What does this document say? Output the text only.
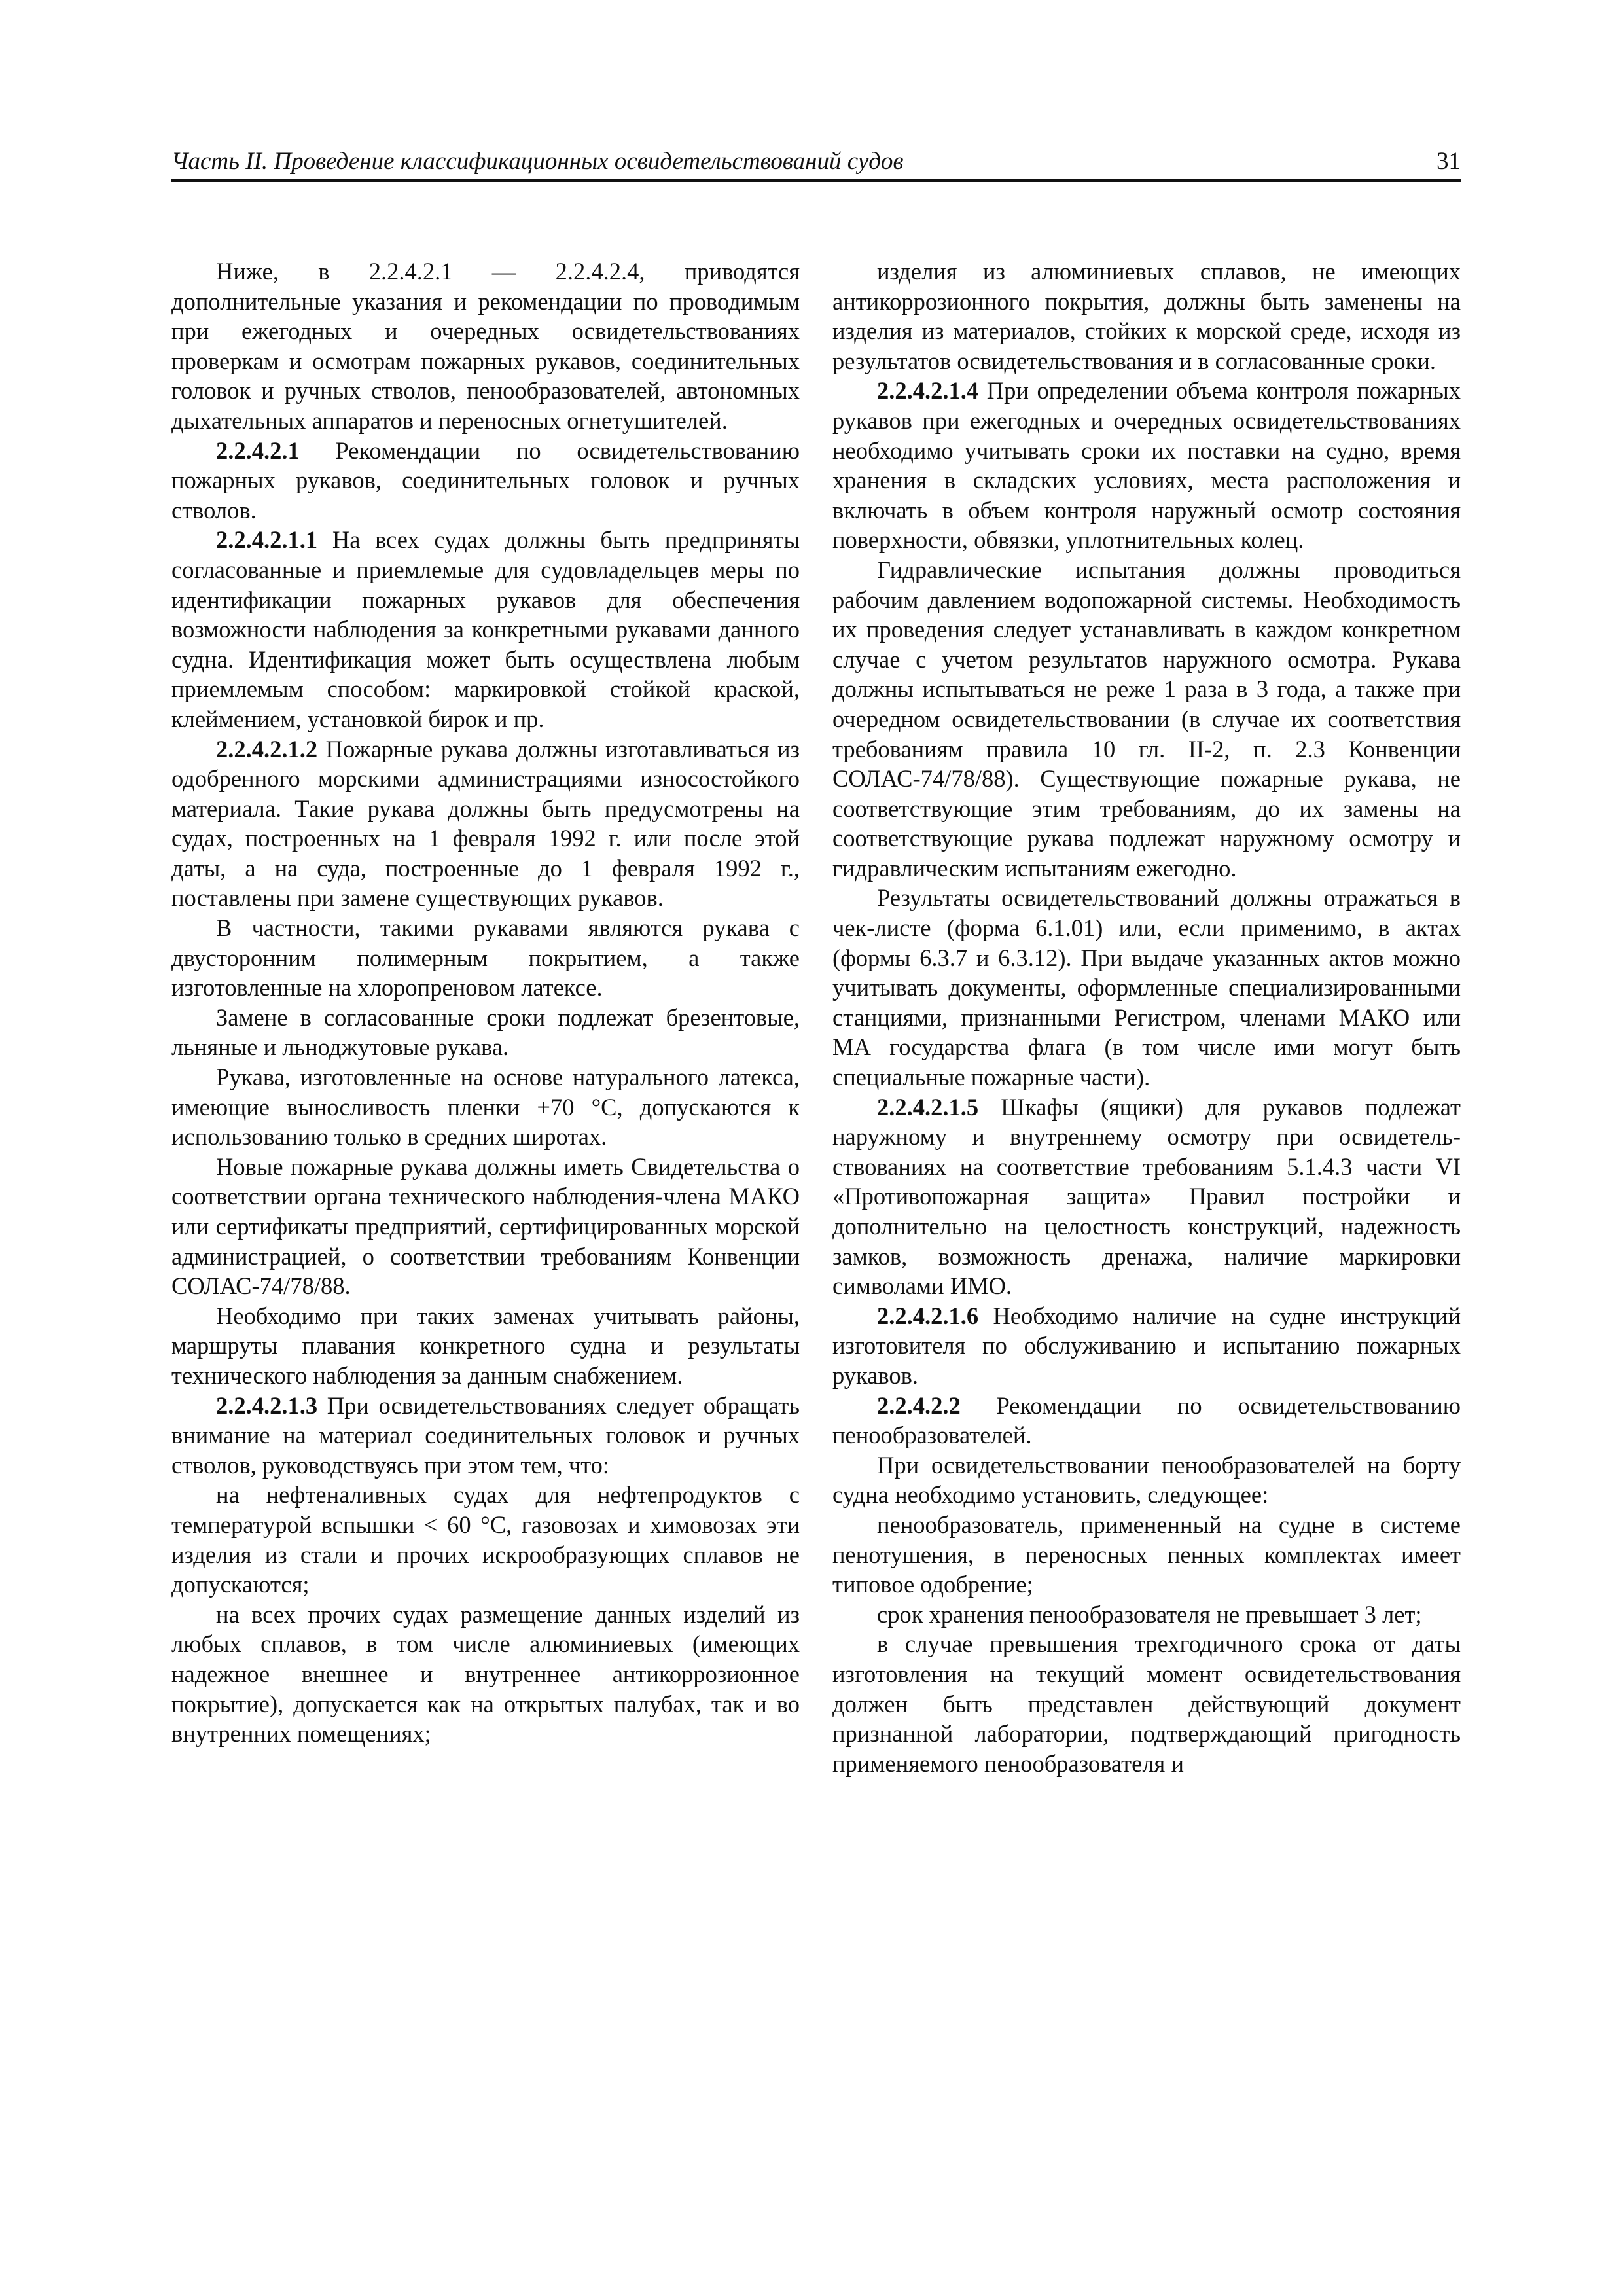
Часть II. Проведение классификационных освидетельствований судов	31

Ниже, в 2.2.4.2.1 — 2.2.4.2.4, приводятся дополнительные указания и рекомендации по проводимым при ежегодных и очередных освидетельствованиях проверкам и осмотрам пожарных рукавов, соединительных головок и ручных стволов, пенообразователей, автономных дыхательных аппаратов и переносных огнетушителей.

2.2.4.2.1 Рекомендации по освидетельствованию пожарных рукавов, соединительных головок и ручных стволов.

2.2.4.2.1.1 На всех судах должны быть предприняты согласованные и приемлемые для судовладельцев меры по идентификации пожарных рукавов для обеспечения возможности наблюдения за конкретными рукавами данного судна. Идентификация может быть осуществлена любым приемлемым способом: маркировкой стойкой краской, клеймением, установкой бирок и пр.

2.2.4.2.1.2 Пожарные рукава должны изготавливаться из одобренного морскими администрациями износостойкого материала. Такие рукава должны быть предусмотрены на судах, построенных на 1 февраля 1992 г. или после этой даты, а на суда, построенные до 1 февраля 1992 г., поставлены при замене существующих рукавов.

В частности, такими рукавами являются рукава с двусторонним полимерным покрытием, а также изготовленные на хлоропреновом латексе.

Замене в согласованные сроки подлежат брезентовые, льняные и льноджутовые рукава.

Рукава, изготовленные на основе натурального латекса, имеющие выносливость пленки +70 °С, допускаются к использованию только в средних широтах.

Новые пожарные рукава должны иметь Свидетельства о соответствии органа технического наблюдения-члена МАКО или сертификаты предприятий, сертифицированных морской администрацией, о соответствии требованиям Конвенции СОЛАС-74/78/88.

Необходимо при таких заменах учитывать районы, маршруты плавания конкретного судна и результаты технического наблюдения за данным снабжением.

2.2.4.2.1.3 При освидетельствованиях следует обращать внимание на материал соединительных головок и ручных стволов, руководствуясь при этом тем, что:

на нефтеналивных судах для нефтепродуктов с температурой вспышки < 60 °С, газовозах и химовозах эти изделия из стали и прочих искрообразующих сплавов не допускаются;

на всех прочих судах размещение данных изделий из любых сплавов, в том числе алюминиевых (имеющих надежное внешнее и внутреннее антикоррозионное покрытие), допускается как на открытых палубах, так и во внутренних помещениях;

изделия из алюминиевых сплавов, не имеющих антикоррозионного покрытия, должны быть заменены на изделия из материалов, стойких к морской среде, исходя из результатов освидетельствования и в согласованные сроки.

2.2.4.2.1.4 При определении объема контроля пожарных рукавов при ежегодных и очередных освидетельствованиях необходимо учитывать сроки их поставки на судно, время хранения в складских условиях, места расположения и включать в объем контроля наружный осмотр состояния поверхности, обвязки, уплотнительных колец.

Гидравлические испытания должны проводиться рабочим давлением водопожарной системы. Необходимость их проведения следует устанавливать в каждом конкретном случае с учетом результатов наружного осмотра. Рукава должны испытываться не реже 1 раза в 3 года, а также при очередном освидетельствовании (в случае их соответствия требованиям правила 10 гл. II-2, п. 2.3 Конвенции СОЛАС-74/78/88). Существующие пожарные рукава, не соответствующие этим требованиям, до их замены на соответствующие рукава подлежат наружному осмотру и гидравлическим испытаниям ежегодно.

Результаты освидетельствований должны отражаться в чек-листе (форма 6.1.01) или, если применимо, в актах (формы 6.3.7 и 6.3.12). При выдаче указанных актов можно учитывать документы, оформленные специализированными станциями, признанными Регистром, членами МАКО или МА государства флага (в том числе ими могут быть специальные пожарные части).

2.2.4.2.1.5 Шкафы (ящики) для рукавов подлежат наружному и внутреннему осмотру при освидетельствованиях на соответствие требованиям 5.1.4.3 части VI «Противопожарная защита» Правил постройки и дополнительно на целостность конструкций, надежность замков, возможность дренажа, наличие маркировки символами ИМО.

2.2.4.2.1.6 Необходимо наличие на судне инструкций изготовителя по обслуживанию и испытанию пожарных рукавов.

2.2.4.2.2 Рекомендации по освидетельствованию пенообразователей.

При освидетельствовании пенообразователей на борту судна необходимо установить, следующее:

пенообразователь, примененный на судне в системе пенотушения, в переносных пенных комплектах имеет типовое одобрение;

срок хранения пенообразователя не превышает 3 лет;

в случае превышения трехгодичного срока от даты изготовления на текущий момент освидетельствования должен быть представлен действующий документ признанной лаборатории, подтверждающий пригодность применяемого пенообразователя и
